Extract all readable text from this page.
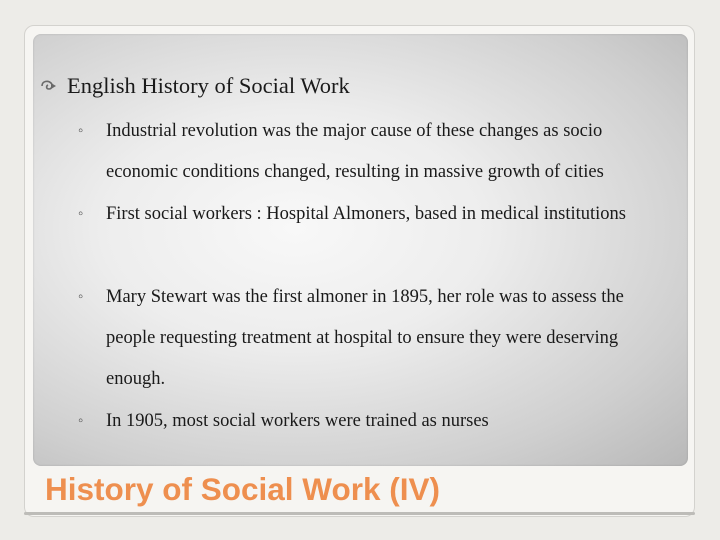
English History of Social Work
◦ Industrial revolution was the major cause of these changes as socio economic conditions changed, resulting in massive growth of cities
◦ First social workers : Hospital Almoners, based in medical institutions
◦ Mary Stewart was the first almoner in 1895, her role was to assess the people requesting treatment at hospital to ensure they were deserving enough.
◦ In 1905, most social workers were trained as nurses
History of Social Work (IV)
